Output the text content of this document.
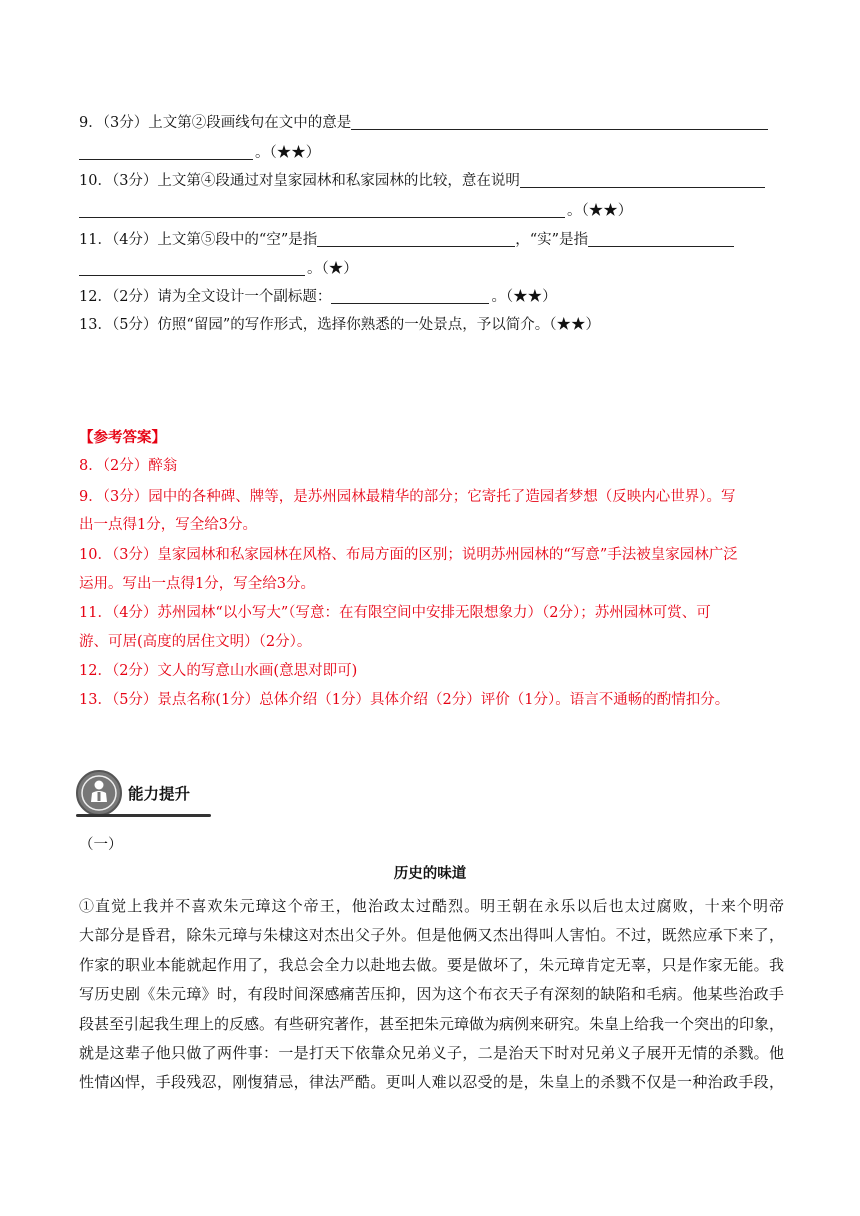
9．（3分）上文第②段画线句在文中的意是
。（★★）
10．（3分）上文第④段通过对皇家园林和私家园林的比较，意在说明
。（★★）
11．（4分）上文第⑤段中的“空”是指	，“实”是指
。（★）
12．（2分）请为全文设计一个副标题：	。（★★）
13．（5分）仿照“留园”的写作形式，选择你熟悉的一处景点，予以简介。（★★）
【参考答案】
8．（2分）醉翁
9．（3分）园中的各种碑、牌等，是苏州园林最精华的部分；它寄托了造园者梦想（反映内心世界）。写
出一点得1分，写全给3分。
10．（3分）皇家园林和私家园林在风格、布局方面的区别；说明苏州园林的“写意”手法被皇家园林广泛
运用。写出一点得1分，写全给3分。
11．（4分）苏州园林“以小写大”（写意：在有限空间中安排无限想象力）（2分）；苏州园林可赏、可
游、可居(高度的居住文明）（2分）。
12．（2分）文人的写意山水画(意思对即可)
13．（5分）景点名称(1分）总体介绍（1分）具体介绍（2分）评价（1分）。语言不通畅的酌情扣分。
能力提升
（一）
历史的味道
①直觉上我并不喜欢朱元璋这个帝王，他治政太过酷烈。明王朝在永乐以后也太过腐败，十来个明帝
大部分是昏君，除朱元璋与朱棣这对杰出父子外。但是他俩又杰出得叫人害怕。不过，既然应承下来了，
作家的职业本能就起作用了，我总会全力以赴地去做。要是做坏了，朱元璋肯定无辜，只是作家无能。我
写历史剧《朱元璋》时，有段时间深感痛苦压抑，因为这个布衣天子有深刻的缺陷和毛病。他某些治政手
段甚至引起我生理上的反感。有些研究著作，甚至把朱元璋做为病例来研究。朱皇上给我一个突出的印象，
就是这辈子他只做了两件事：一是打天下依靠众兄弟义子，二是治天下时对兄弟义子展开无情的杀戮。他
性情凶悍，手段残忍，刚愎猜忌，律法严酷。更叫人难以忍受的是，朱皇上的杀戮不仅是一种治政手段，
